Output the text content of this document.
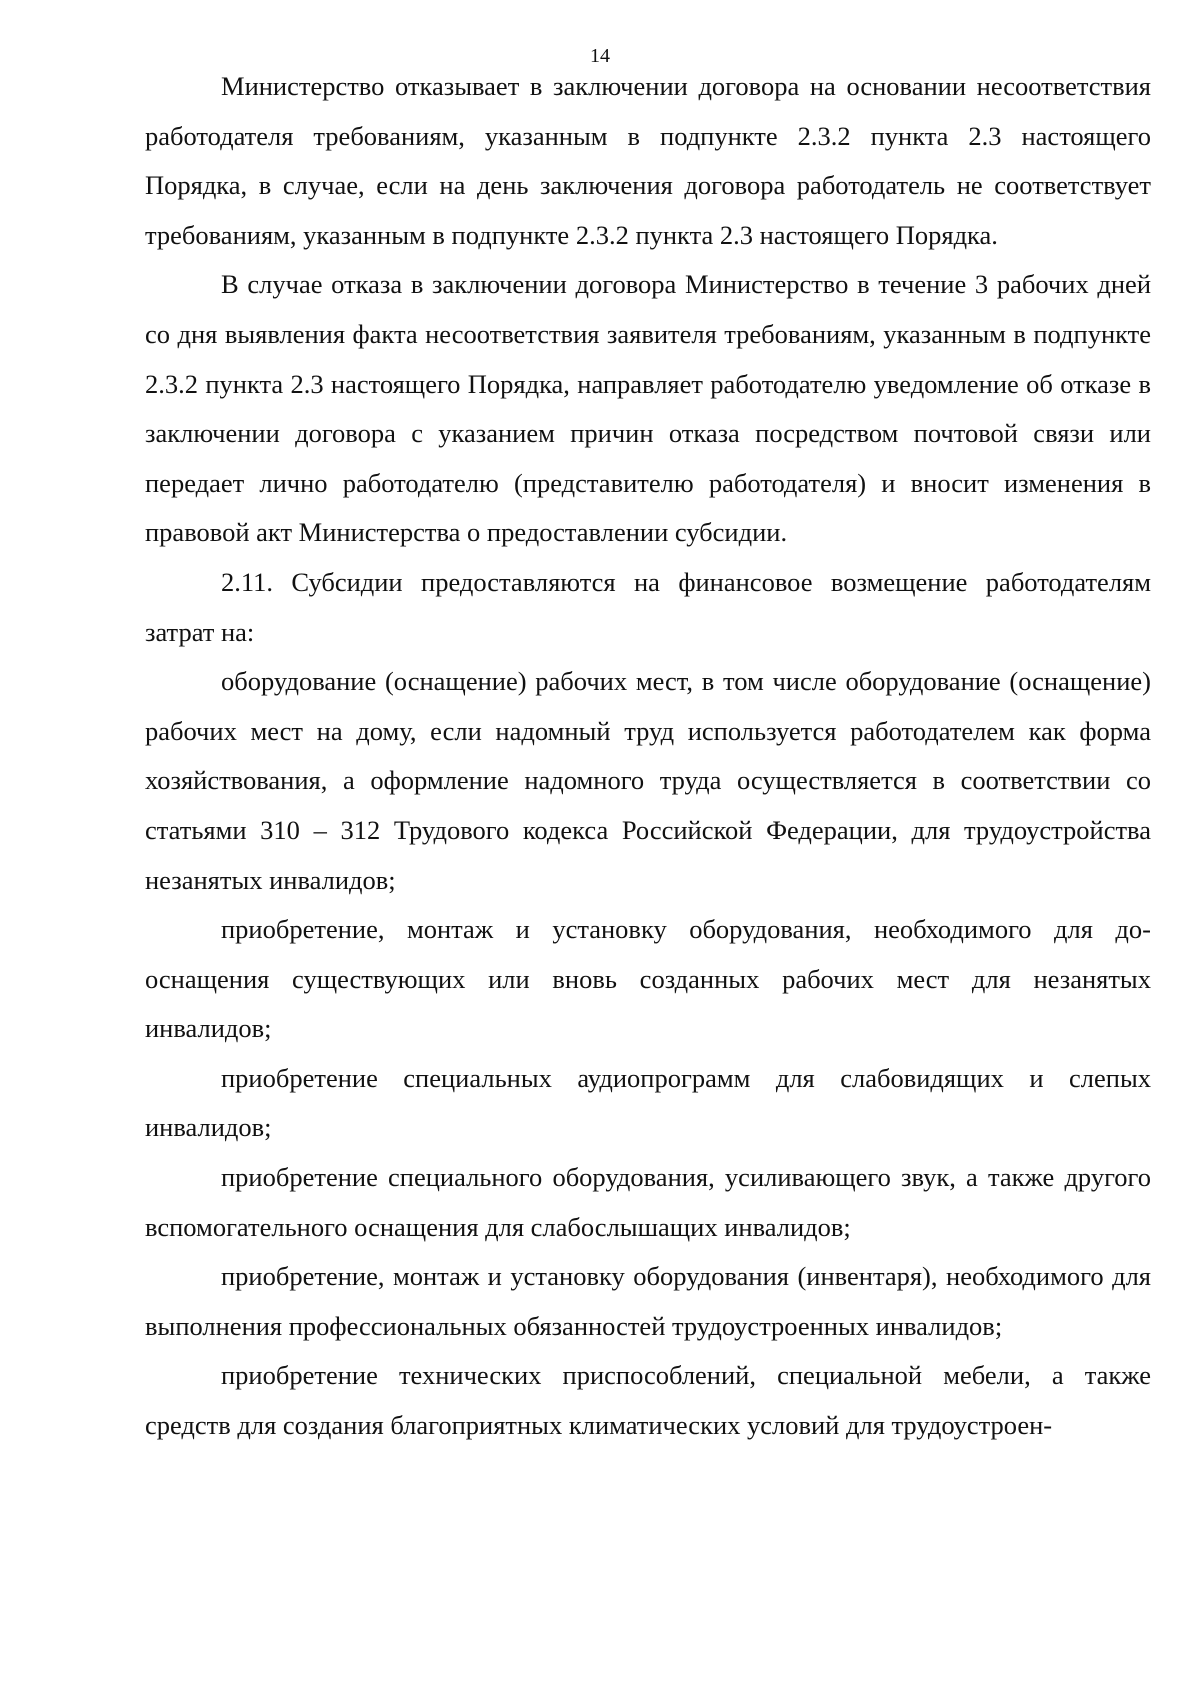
14

Министерство отказывает в заключении договора на основании несоответствия работодателя требованиям, указанным в подпункте 2.3.2 пункта 2.3 настоящего Порядка, в случае, если на день заключения договора работодатель не соответствует требованиям, указанным в подпункте 2.3.2 пункта 2.3 настоящего Порядка.

В случае отказа в заключении договора Министерство в течение 3 рабочих дней со дня выявления факта несоответствия заявителя требованиям, указанным в подпункте 2.3.2 пункта 2.3 настоящего Порядка, направляет работодателю уведомление об отказе в заключении договора с указанием причин отказа посредством почтовой связи или передает лично работодателю (представителю работодателя) и вносит изменения в правовой акт Министерства о предоставлении субсидии.

2.11. Субсидии предоставляются на финансовое возмещение работодателям затрат на:

оборудование (оснащение) рабочих мест, в том числе оборудование (оснащение) рабочих мест на дому, если надомный труд используется работодателем как форма хозяйствования, а оформление надомного труда осуществляется в соответствии со статьями 310 – 312 Трудового кодекса Российской Федерации, для трудоустройства незанятых инвалидов;

приобретение, монтаж и установку оборудования, необходимого для дооснащения существующих или вновь созданных рабочих мест для незанятых инвалидов;

приобретение специальных аудиопрограмм для слабовидящих и слепых инвалидов;

приобретение специального оборудования, усиливающего звук, а также другого вспомогательного оснащения для слабослышащих инвалидов;

приобретение, монтаж и установку оборудования (инвентаря), необходимого для выполнения профессиональных обязанностей трудоустроенных инвалидов;

приобретение технических приспособлений, специальной мебели, а также средств для создания благоприятных климатических условий для трудоустроен-
